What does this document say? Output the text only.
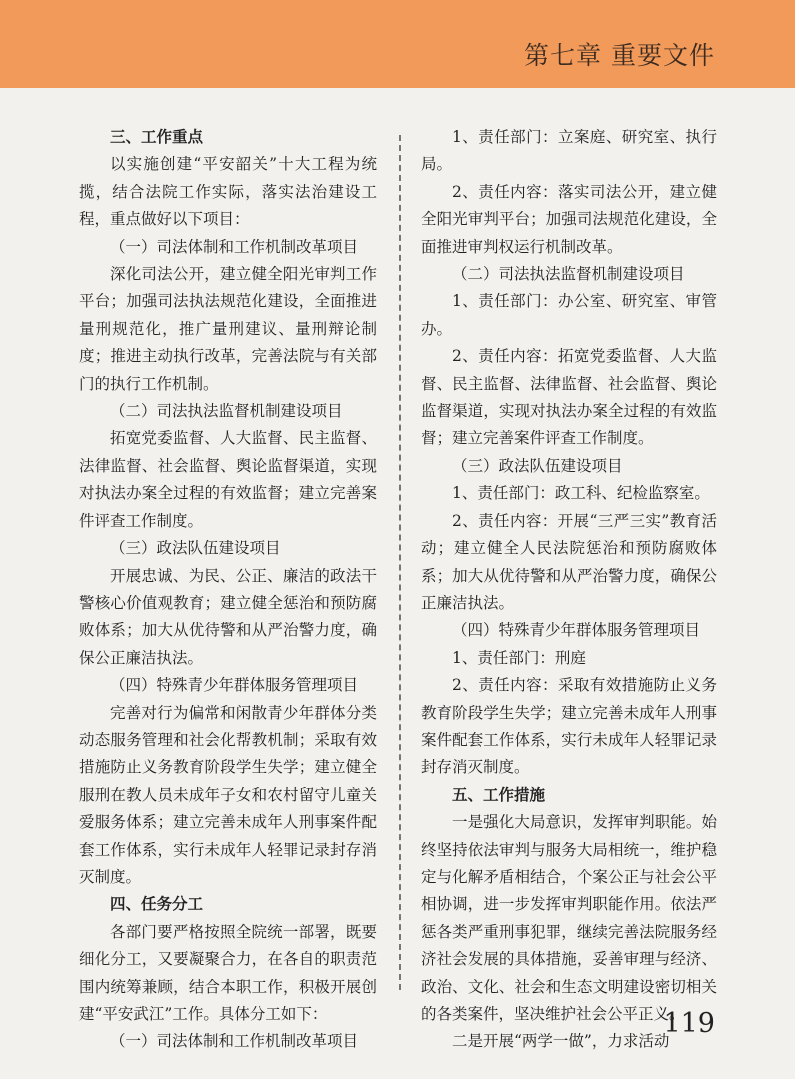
第七章 重要文件

三、工作重点

以实施创建“平安韶关”十大工程为统揽，结合法院工作实际，落实法治建设工程，重点做好以下项目：

（一）司法体制和工作机制改革项目

深化司法公开，建立健全阳光审判工作平台；加强司法执法规范化建设，全面推进量刑规范化，推广量刑建议、量刑辩论制度；推进主动执行改革，完善法院与有关部门的执行工作机制。

（二）司法执法监督机制建设项目

拓宽党委监督、人大监督、民主监督、法律监督、社会监督、舆论监督渠道，实现对执法办案全过程的有效监督；建立完善案件评查工作制度。

（三）政法队伍建设项目

开展忠诚、为民、公正、廉洁的政法干警核心价值观教育；建立健全惩治和预防腐败体系；加大从优待警和从严治警力度，确保公正廉洁执法。

（四）特殊青少年群体服务管理项目

完善对行为偏常和闲散青少年群体分类动态服务管理和社会化帮教机制；采取有效措施防止义务教育阶段学生失学；建立健全服刑在教人员未成年子女和农村留守儿童关爱服务体系；建立完善未成年人刑事案件配套工作体系，实行未成年人轻罪记录封存消灭制度。

四、任务分工

各部门要严格按照全院统一部署，既要细化分工，又要凝聚合力，在各自的职责范围内统筹兼顾，结合本职工作，积极开展创建“平安武江”工作。具体分工如下：

（一）司法体制和工作机制改革项目

1、责任部门：立案庭、研究室、执行局。

2、责任内容：落实司法公开，建立健全阳光审判平台；加强司法规范化建设，全面推进审判权运行机制改革。

（二）司法执法监督机制建设项目

1、责任部门：办公室、研究室、审管办。

2、责任内容：拓宽党委监督、人大监督、民主监督、法律监督、社会监督、舆论监督渠道，实现对执法办案全过程的有效监督；建立完善案件评查工作制度。

（三）政法队伍建设项目

1、责任部门：政工科、纪检监察室。

2、责任内容：开展“三严三实”教育活动；建立健全人民法院惩治和预防腐败体系；加大从优待警和从严治警力度，确保公正廉洁执法。

（四）特殊青少年群体服务管理项目

1、责任部门：刑庭

2、责任内容：采取有效措施防止义务教育阶段学生失学；建立完善未成年人刑事案件配套工作体系，实行未成年人轻罪记录封存消灭制度。

五、工作措施

一是强化大局意识，发挥审判职能。始终坚持依法审判与服务大局相统一，维护稳定与化解矛盾相结合，个案公正与社会公平相协调，进一步发挥审判职能作用。依法严惩各类严重刑事犯罪，继续完善法院服务经济社会发展的具体措施，妥善审理与经济、政治、文化、社会和生态文明建设密切相关的各类案件，坚决维护社会公平正义。

二是开展“两学一做”，力求活动

119
